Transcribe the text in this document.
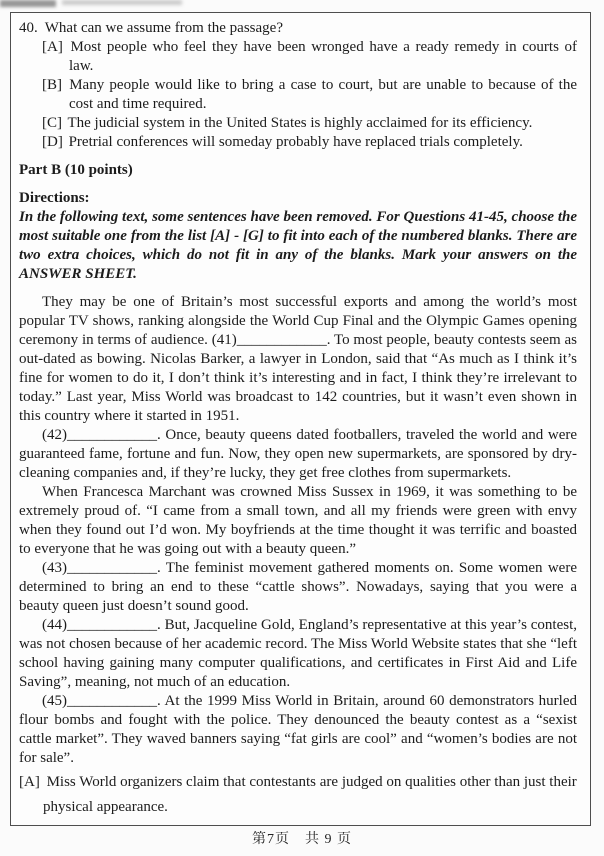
40. What can we assume from the passage?
[A] Most people who feel they have been wronged have a ready remedy in courts of law.
[B] Many people would like to bring a case to court, but are unable to because of the cost and time required.
[C] The judicial system in the United States is highly acclaimed for its efficiency.
[D] Pretrial conferences will someday probably have replaced trials completely.
Part B (10 points)
Directions:
In the following text, some sentences have been removed. For Questions 41-45, choose the most suitable one from the list [A] - [G] to fit into each of the numbered blanks. There are two extra choices, which do not fit in any of the blanks. Mark your answers on the ANSWER SHEET.

They may be one of Britain’s most successful exports and among the world’s most popular TV shows, ranking alongside the World Cup Final and the Olympic Games opening ceremony in terms of audience. (41)____________. To most people, beauty contests seem as out-dated as bowing. Nicolas Barker, a lawyer in London, said that “As much as I think it’s fine for women to do it, I don’t think it’s interesting and in fact, I think they’re irrelevant to today.” Last year, Miss World was broadcast to 142 countries, but it wasn’t even shown in this country where it started in 1951.

(42)____________. Once, beauty queens dated footballers, traveled the world and were guaranteed fame, fortune and fun. Now, they open new supermarkets, are sponsored by dry-cleaning companies and, if they’re lucky, they get free clothes from supermarkets.

When Francesca Marchant was crowned Miss Sussex in 1969, it was something to be extremely proud of. “I came from a small town, and all my friends were green with envy when they found out I’d won. My boyfriends at the time thought it was terrific and boasted to everyone that he was going out with a beauty queen.”

(43)____________. The feminist movement gathered moments on. Some women were determined to bring an end to these “cattle shows”. Nowadays, saying that you were a beauty queen just doesn’t sound good.

(44)____________. But, Jacqueline Gold, England’s representative at this year’s contest, was not chosen because of her academic record. The Miss World Website states that she “left school having gaining many computer qualifications, and certificates in First Aid and Life Saving”, meaning, not much of an education.

(45)____________. At the 1999 Miss World in Britain, around 60 demonstrators hurled flour bombs and fought with the police. They denounced the beauty contest as a “sexist cattle market”. They waved banners saying “fat girls are cool” and “women’s bodies are not for sale”.

[A] Miss World organizers claim that contestants are judged on qualities other than just their
physical appearance.
第7页　共 9 页
